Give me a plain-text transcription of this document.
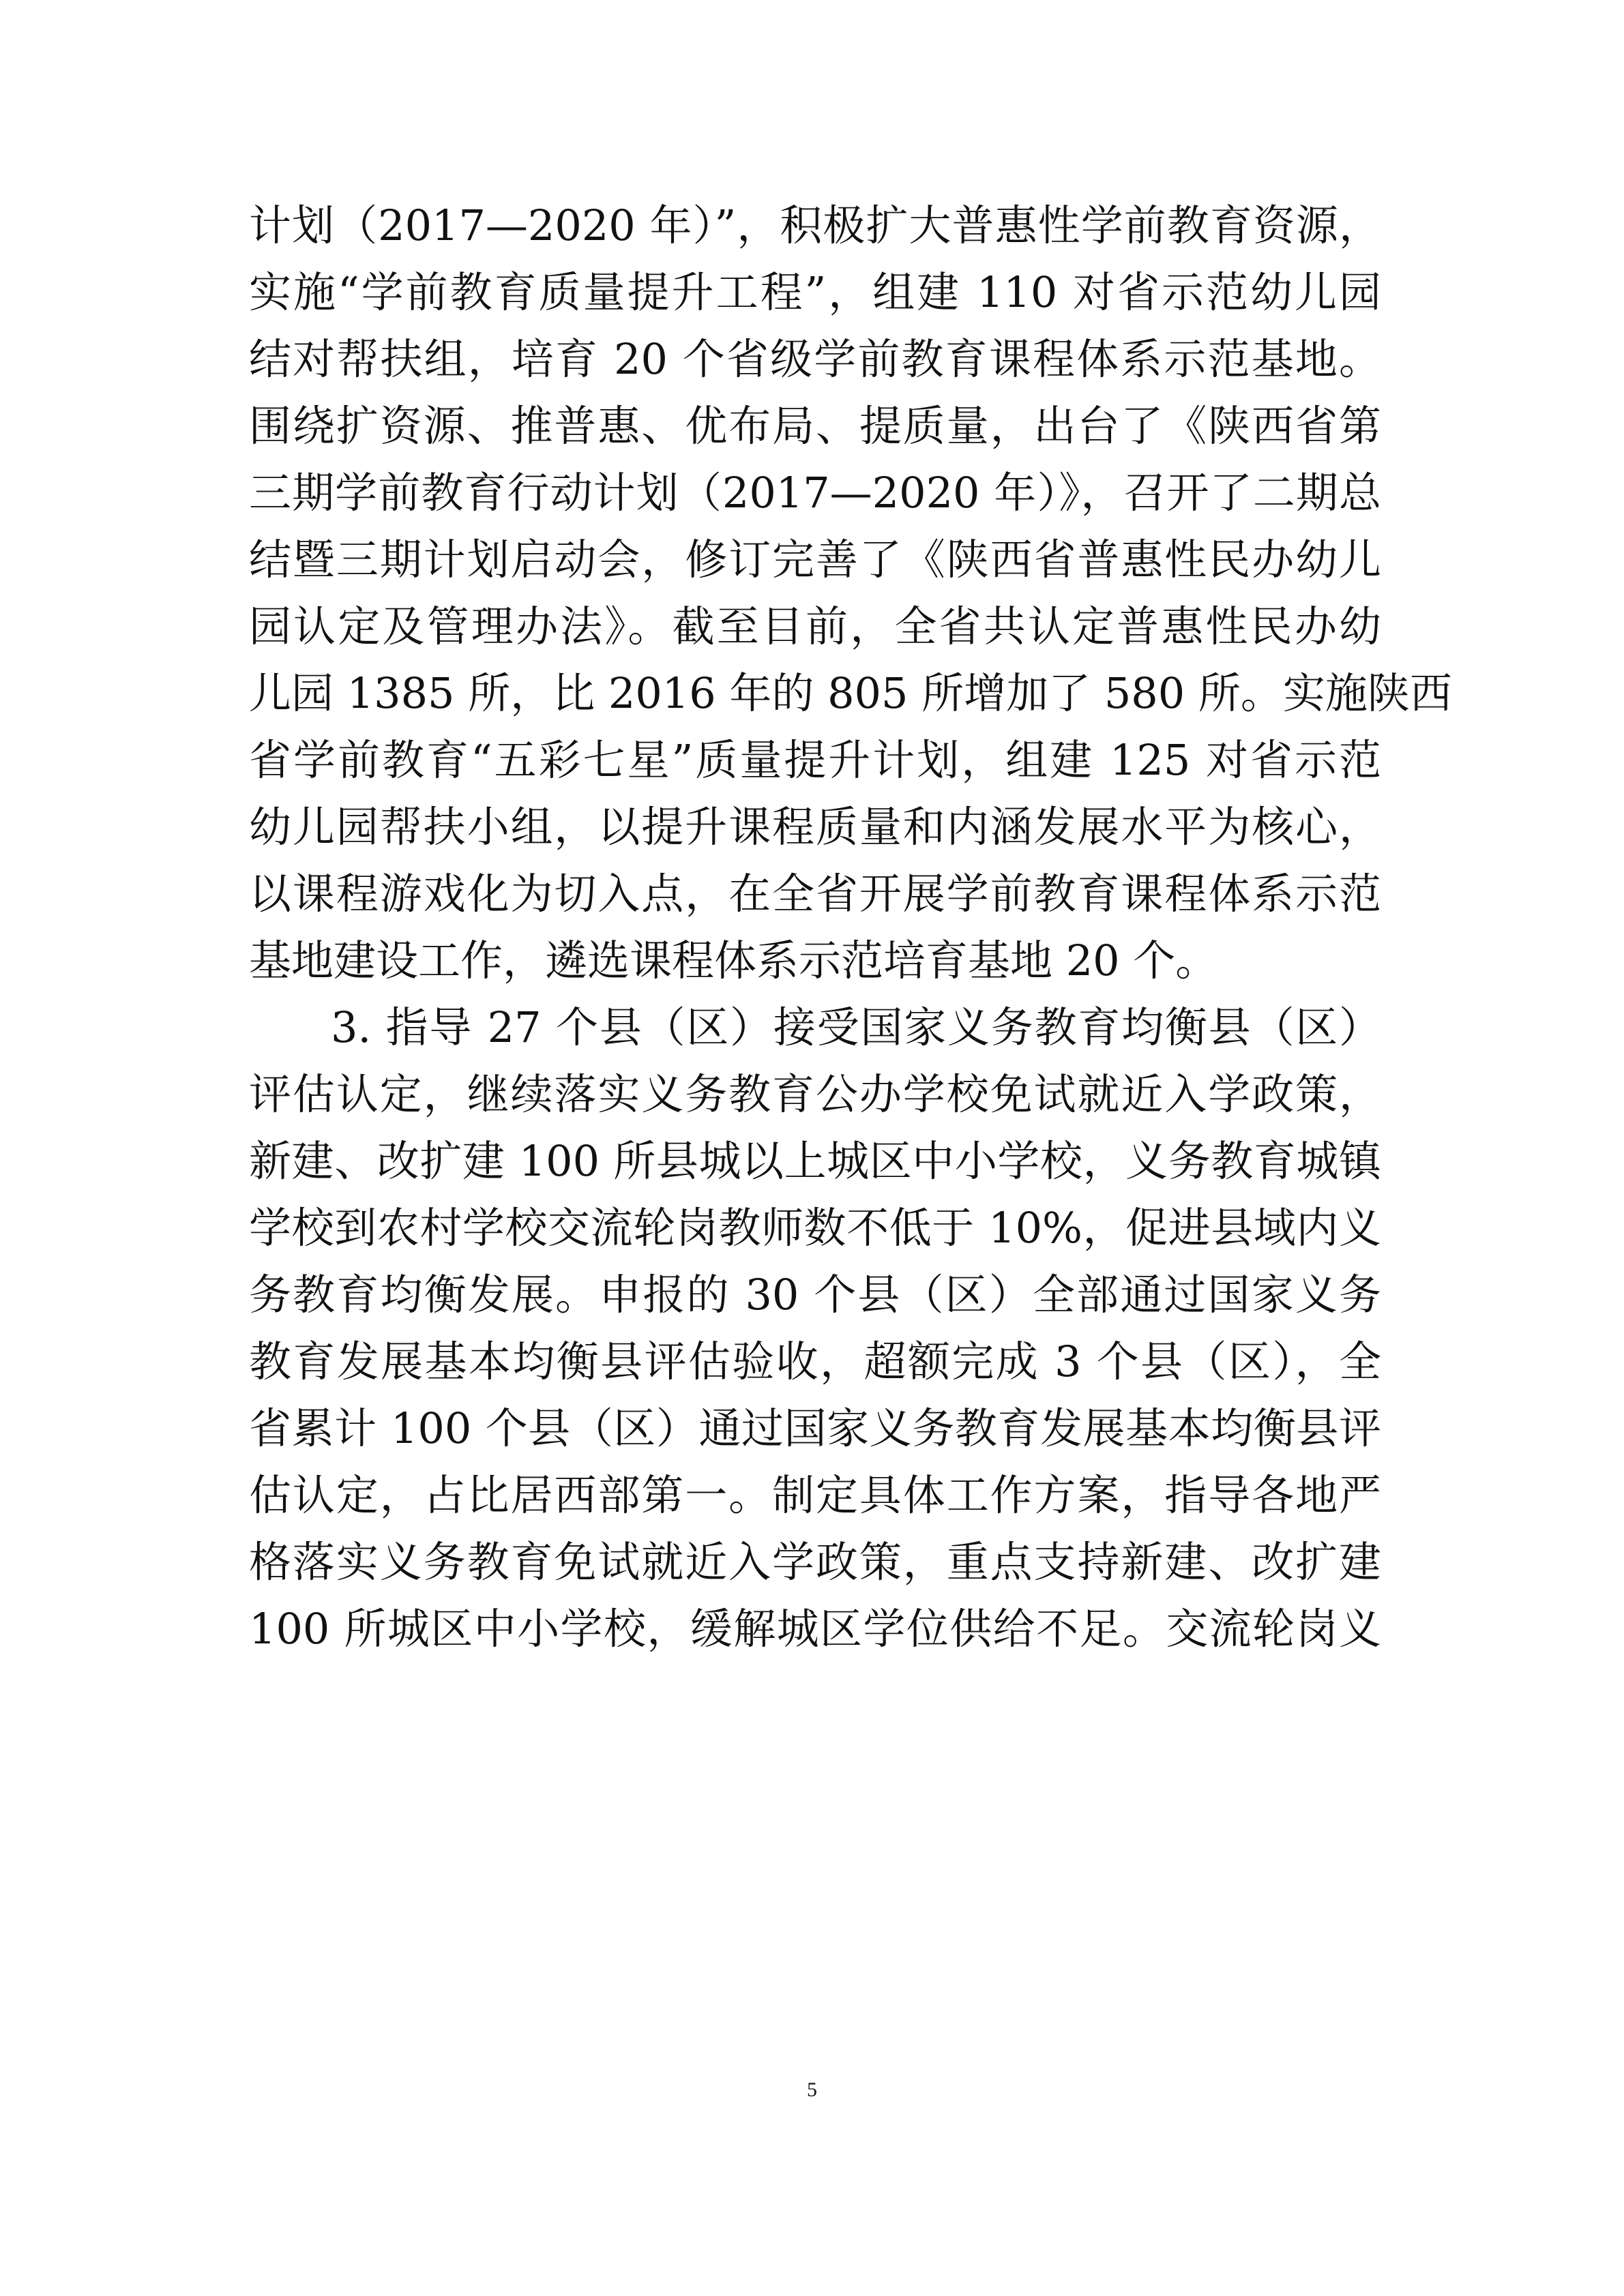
计划（2017—2020 年）”，积极扩大普惠性学前教育资源，
实施“学前教育质量提升工程”，组建 110 对省示范幼儿园
结对帮扶组，培育 20 个省级学前教育课程体系示范基地。
围绕扩资源、推普惠、优布局、提质量，出台了《陕西省第
三期学前教育行动计划（2017—2020 年）》，召开了二期总
结暨三期计划启动会，修订完善了《陕西省普惠性民办幼儿
园认定及管理办法》。截至目前，全省共认定普惠性民办幼
儿园 1385 所，比 2016 年的 805 所增加了 580 所。实施陕西
省学前教育“五彩七星”质量提升计划，组建 125 对省示范
幼儿园帮扶小组，以提升课程质量和内涵发展水平为核心，
以课程游戏化为切入点，在全省开展学前教育课程体系示范
基地建设工作，遴选课程体系示范培育基地 20 个。
3. 指导 27 个县（区）接受国家义务教育均衡县（区）
评估认定，继续落实义务教育公办学校免试就近入学政策，
新建、改扩建 100 所县城以上城区中小学校，义务教育城镇
学校到农村学校交流轮岗教师数不低于 10%，促进县域内义
务教育均衡发展。申报的 30 个县（区）全部通过国家义务
教育发展基本均衡县评估验收，超额完成 3 个县（区），全
省累计 100 个县（区）通过国家义务教育发展基本均衡县评
估认定，占比居西部第一。制定具体工作方案，指导各地严
格落实义务教育免试就近入学政策，重点支持新建、改扩建
100 所城区中小学校，缓解城区学位供给不足。交流轮岗义
5
